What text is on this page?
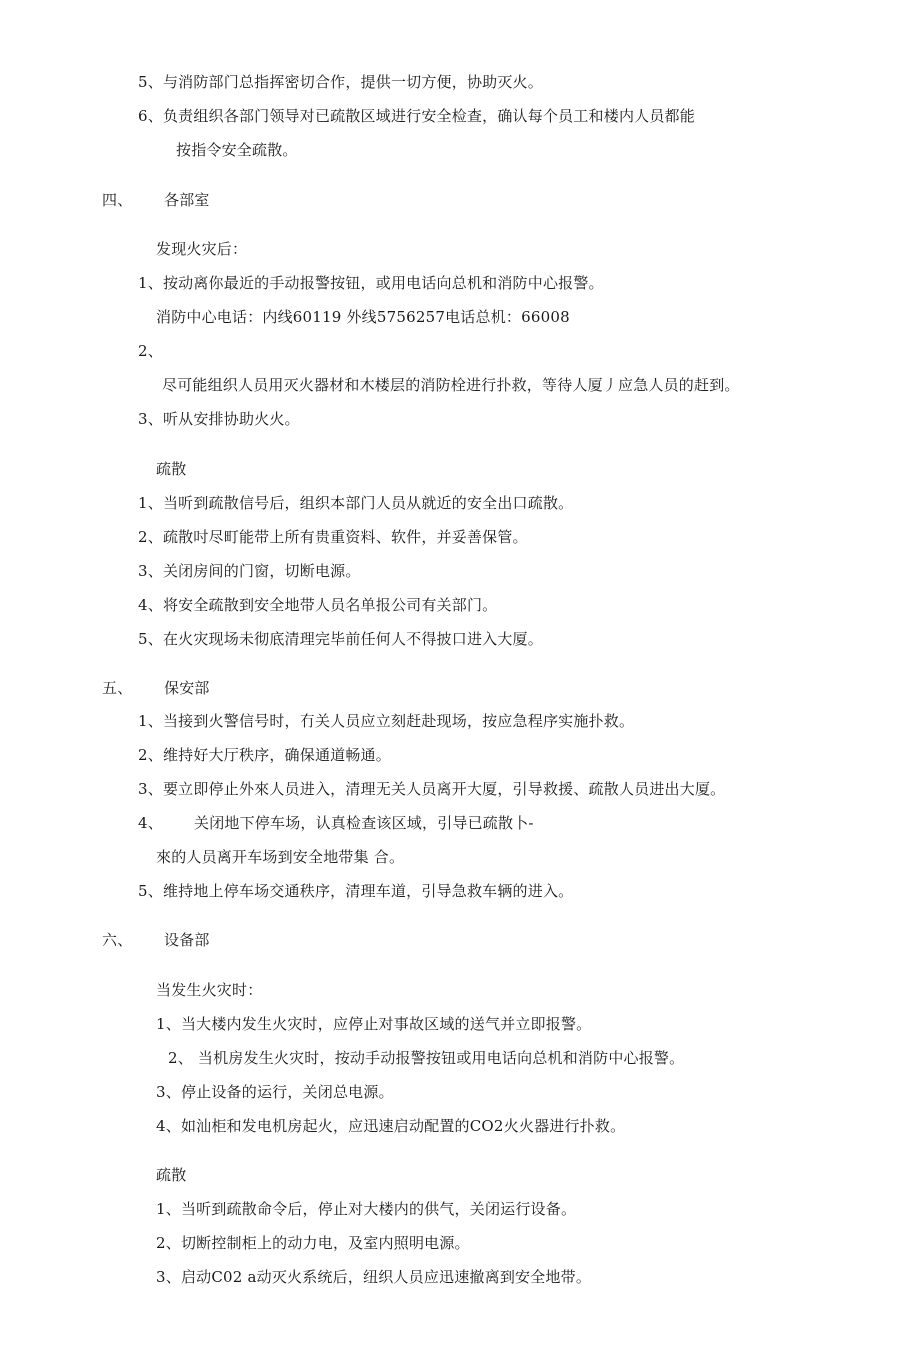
5、与消防部门总指挥密切合作，提供一切方便，协助灭火。
6、负责组织各部门领导对已疏散区域进行安全检查，确认每个员工和楼内人员都能
按指令安全疏散。
四、 各部室
发现火灾后：
1、按动离你最近的手动报警按钮，或用电话向总机和消防中心报警。
消防中心电话：内线60119 外线5756257电话总机：66008
2、
尽可能组织人员用灭火器材和木楼层的消防栓进行扑救，等待人厦丿应急人员的赶到。
3、听从安排协助火火。
疏散
1、当听到疏散信号后，组织本部门人员从就近的安全出口疏散。
2、疏散吋尽町能带上所有贵重资料、软件，并妥善保管。
3、关闭房间的门窗，切断电源。
4、将安全疏散到安全地带人员名单报公司有关部门。
5、在火灾现场未彻底清理完毕前任何人不得披口进入大厦。
五、 保安部
1、当接到火警信号时，冇关人员应立刻赶赴现场，按应急程序实施扑救。
2、维持好大厅秩序，确保通道畅通。
3、要立即停止外來人员进入，清理无关人员离开大厦，引导救援、疏散人员进出大厦。
4、 关闭地下停车场，认真检查该区域，引导已疏散卜-
來的人员离开车场到安全地带集 合。
5、维持地上停车场交通秩序，清理车道，引导急救车辆的进入。
六、 设备部
当发生火灾时：
1、当大楼内发生火灾时，应停止对事故区域的送气并立即报警。
2、 当机房发生火灾时，按动手动报警按钮或用电话向总机和消防中心报警。
3、停止设备的运行，关闭总电源。
4、如汕柜和发电机房起火，应迅速启动配置的CO2火火器进行扑救。
疏散
1、当听到疏散命令后，停止对大楼内的供气，关闭运行设备。
2、切断控制柜上的动力电，及室内照明电源。
3、启动C02 a动灭火系统后，纽织人员应迅速撤离到安全地带。
